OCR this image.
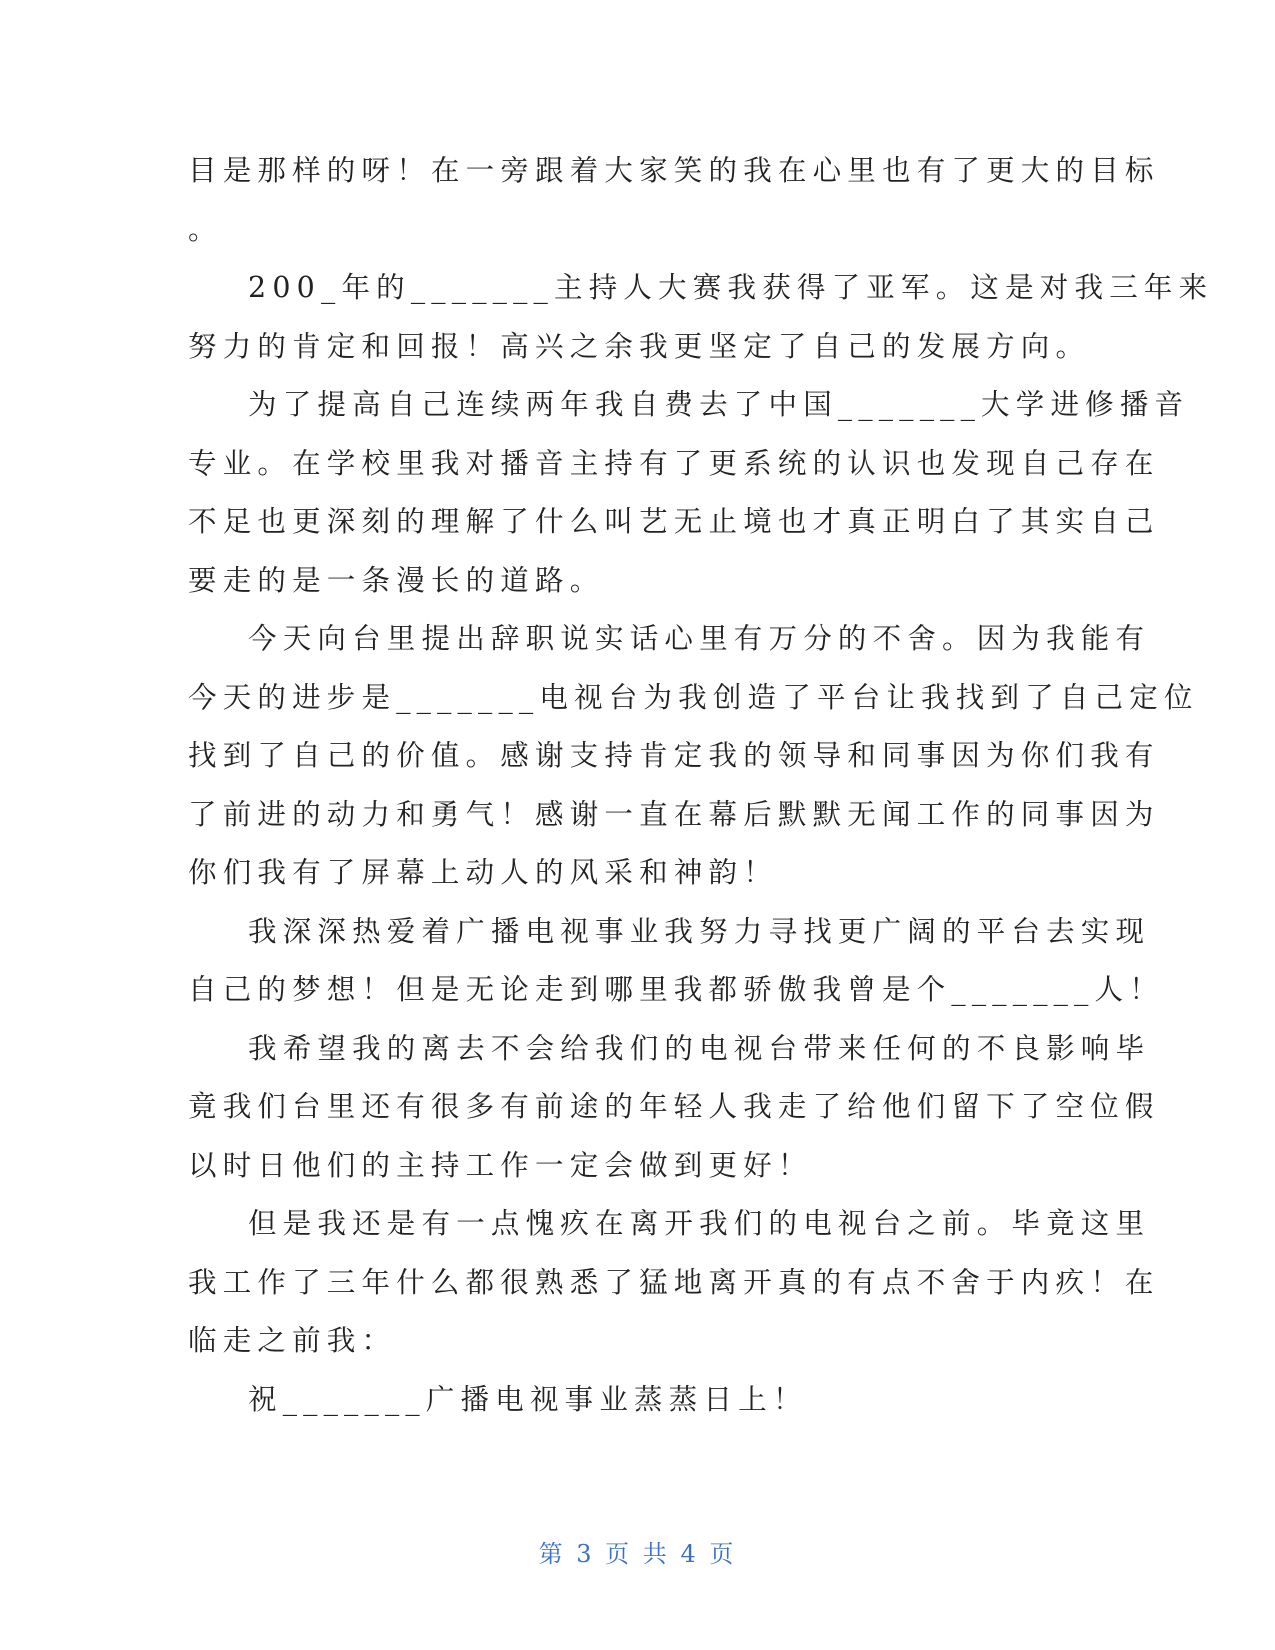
目是那样的呀！在一旁跟着大家笑的我在心里也有了更大的目标
。
200_年的_______主持人大赛我获得了亚军。这是对我三年来
努力的肯定和回报！高兴之余我更坚定了自己的发展方向。
为了提高自己连续两年我自费去了中国_______大学进修播音
专业。在学校里我对播音主持有了更系统的认识也发现自己存在
不足也更深刻的理解了什么叫艺无止境也才真正明白了其实自己
要走的是一条漫长的道路。
今天向台里提出辞职说实话心里有万分的不舍。因为我能有
今天的进步是_______电视台为我创造了平台让我找到了自己定位
找到了自己的价值。感谢支持肯定我的领导和同事因为你们我有
了前进的动力和勇气！感谢一直在幕后默默无闻工作的同事因为
你们我有了屏幕上动人的风采和神韵！
我深深热爱着广播电视事业我努力寻找更广阔的平台去实现
自己的梦想！但是无论走到哪里我都骄傲我曾是个_______人！
我希望我的离去不会给我们的电视台带来任何的不良影响毕
竟我们台里还有很多有前途的年轻人我走了给他们留下了空位假
以时日他们的主持工作一定会做到更好！
但是我还是有一点愧疚在离开我们的电视台之前。毕竟这里
我工作了三年什么都很熟悉了猛地离开真的有点不舍于内疚！在
临走之前我：
祝_______广播电视事业蒸蒸日上！
第 3 页 共 4 页
